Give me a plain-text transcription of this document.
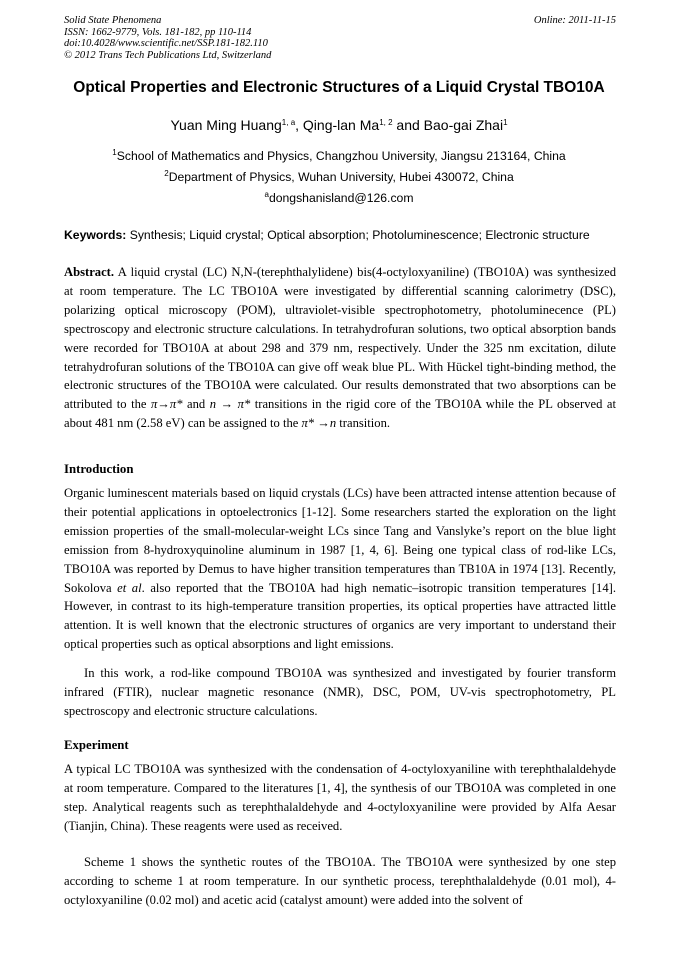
Solid State Phenomena
ISSN: 1662-9779, Vols. 181-182, pp 110-114
doi:10.4028/www.scientific.net/SSP.181-182.110
© 2012 Trans Tech Publications Ltd, Switzerland
Online: 2011-11-15
Optical Properties and Electronic Structures of a Liquid Crystal TBO10A
Yuan Ming Huang$^{1, a}$, Qing-lan Ma$^{1, 2}$ and Bao-gai Zhai$^1$
$^1$School of Mathematics and Physics, Changzhou University, Jiangsu 213164, China
$^2$Department of Physics, Wuhan University, Hubei 430072, China
$^a$dongshanisland@126.com
Keywords: Synthesis; Liquid crystal; Optical absorption; Photoluminescence; Electronic structure
Abstract. A liquid crystal (LC) N,N-(terephthalylidene) bis(4-octyloxyaniline) (TBO10A) was synthesized at room temperature. The LC TBO10A were investigated by differential scanning calorimetry (DSC), polarizing optical microscopy (POM), ultraviolet-visible spectrophotometry, photoluminecence (PL) spectroscopy and electronic structure calculations. In tetrahydrofuran solutions, two optical absorption bands were recorded for TBO10A at about 298 and 379 nm, respectively. Under the 325 nm excitation, dilute tetrahydrofuran solutions of the TBO10A can give off weak blue PL. With Hückel tight-binding method, the electronic structures of the TBO10A were calculated. Our results demonstrated that two absorptions can be attributed to the π→π* and n → π* transitions in the rigid core of the TBO10A while the PL observed at about 481 nm (2.58 eV) can be assigned to the π* →n transition.
Introduction
Organic luminescent materials based on liquid crystals (LCs) have been attracted intense attention because of their potential applications in optoelectronics [1-12]. Some researchers started the exploration on the light emission properties of the small-molecular-weight LCs since Tang and Vanslyke’s report on the blue light emission from 8-hydroxyquinoline aluminum in 1987 [1, 4, 6]. Being one typical class of rod-like LCs, TBO10A was reported by Demus to have higher transition temperatures than TB10A in 1974 [13]. Recently, Sokolova et al. also reported that the TBO10A had high nematic–isotropic transition temperatures [14]. However, in contrast to its high-temperature transition properties, its optical properties have attracted little attention. It is well known that the electronic structures of organics are very important to understand their optical properties such as optical absorptions and light emissions.
In this work, a rod-like compound TBO10A was synthesized and investigated by fourier transform infrared (FTIR), nuclear magnetic resonance (NMR), DSC, POM, UV-vis spectrophotometry, PL spectroscopy and electronic structure calculations.
Experiment
A typical LC TBO10A was synthesized with the condensation of 4-octyloxyaniline with terephthalaldehyde at room temperature. Compared to the literatures [1, 4], the synthesis of our TBO10A was completed in one step. Analytical reagents such as terephthalaldehyde and 4-octyloxyaniline were provided by Alfa Aesar (Tianjin, China). These reagents were used as received.
Scheme 1 shows the synthetic routes of the TBO10A. The TBO10A were synthesized by one step according to scheme 1 at room temperature. In our synthetic process, terephthalaldehyde (0.01 mol), 4-octyloxyaniline (0.02 mol) and acetic acid (catalyst amount) were added into the solvent of
